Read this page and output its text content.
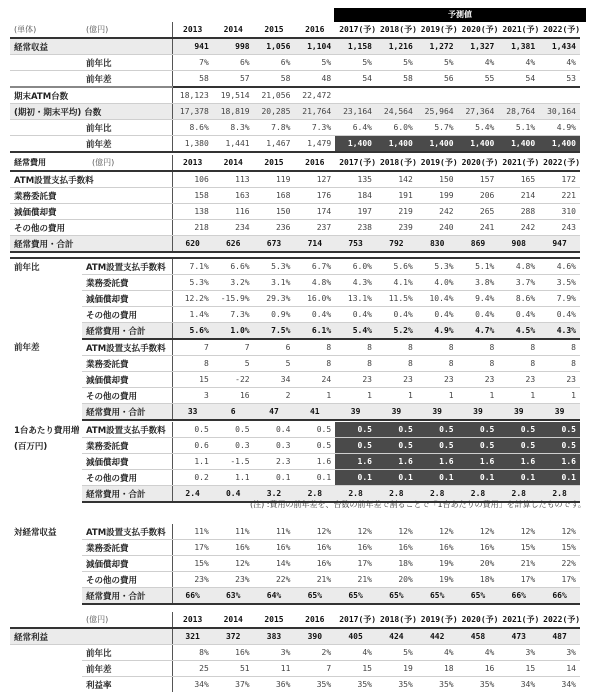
予測値
(単体)	(億円)	2013	2014	2015	2016	2017(予)	2018(予)	2019(予)	2020(予)	2021(予)	2022(予)
経常収益		941	998	1,056	1,104	1,158	1,216	1,272	1,327	1,381	1,434
	前年比	7%	6%	6%	5%	5%	5%	5%	4%	4%	4%
	前年差	58	57	58	48	54	58	56	55	54	53
期末ATM台数		18,123	19,514	21,056	22,472						
(期初・期末平均) 台数		17,378	18,819	20,285	21,764	23,164	24,564	25,964	27,364	28,764	30,164
	前年比	8.6%	8.3%	7.8%	7.3%	6.4%	6.0%	5.7%	5.4%	5.1%	4.9%
	前年差	1,380	1,441	1,467	1,479	1,400	1,400	1,400	1,400	1,400	1,400
経常費用	(億円)	2013	2014	2015	2016	2017(予)	2018(予)	2019(予)	2020(予)	2021(予)	2022(予)
ATM設置支払手数料		106	113	119	127	135	142	150	157	165	172
業務委託費		158	163	168	176	184	191	199	206	214	221
減価償却費		138	116	150	174	197	219	242	265	288	310
その他の費用		218	234	236	237	238	239	240	241	242	243
経常費用・合計		620	626	673	714	753	792	830	869	908	947
前年比	ATM設置支払手数料	7.1%	6.6%	5.3%	6.7%	6.0%	5.6%	5.3%	5.1%	4.8%	4.6%
	業務委託費	5.3%	3.2%	3.1%	4.8%	4.3%	4.1%	4.0%	3.8%	3.7%	3.5%
	減価償却費	12.2%	-15.9%	29.3%	16.0%	13.1%	11.5%	10.4%	9.4%	8.6%	7.9%
	その他の費用	1.4%	7.3%	0.9%	0.4%	0.4%	0.4%	0.4%	0.4%	0.4%	0.4%
	経常費用・合計	5.6%	1.0%	7.5%	6.1%	5.4%	5.2%	4.9%	4.7%	4.5%	4.3%
前年差	ATM設置支払手数料	7	7	6	8	8	8	8	8	8	8
	業務委託費	8	5	5	8	8	8	8	8	8	8
	減価償却費	15	-22	34	24	23	23	23	23	23	23
	その他の費用	3	16	2	1	1	1	1	1	1	1
	経常費用・合計	33	6	47	41	39	39	39	39	39	39
1台あたり費用増	ATM設置支払手数料	0.5	0.5	0.4	0.5	0.5	0.5	0.5	0.5	0.5	0.5
(百万円)	業務委託費	0.6	0.3	0.3	0.5	0.5	0.5	0.5	0.5	0.5	0.5
	減価償却費	1.1	-1.5	2.3	1.6	1.6	1.6	1.6	1.6	1.6	1.6
	その他の費用	0.2	1.1	0.1	0.1	0.1	0.1	0.1	0.1	0.1	0.1
	経常費用・合計	2.4	0.4	3.2	2.8	2.8	2.8	2.8	2.8	2.8	2.8
(注) :費用の前年差を、台数の前年差で割ることで「1台あたりの費用」を計算したものです。
対経常収益	ATM設置支払手数料	11%	11%	11%	12%	12%	12%	12%	12%	12%	12%
	業務委託費	17%	16%	16%	16%	16%	16%	16%	16%	15%	15%
	減価償却費	15%	12%	14%	16%	17%	18%	19%	20%	21%	22%
	その他の費用	23%	23%	22%	21%	21%	20%	19%	18%	17%	17%
	経常費用・合計	66%	63%	64%	65%	65%	65%	65%	65%	66%	66%
	(億円)	2013	2014	2015	2016	2017(予)	2018(予)	2019(予)	2020(予)	2021(予)	2022(予)
経常利益		321	372	383	390	405	424	442	458	473	487
	前年比	8%	16%	3%	2%	4%	5%	4%	4%	3%	3%
	前年差	25	51	11	7	15	19	18	16	15	14
	利益率	34%	37%	36%	35%	35%	35%	35%	35%	34%	34%
